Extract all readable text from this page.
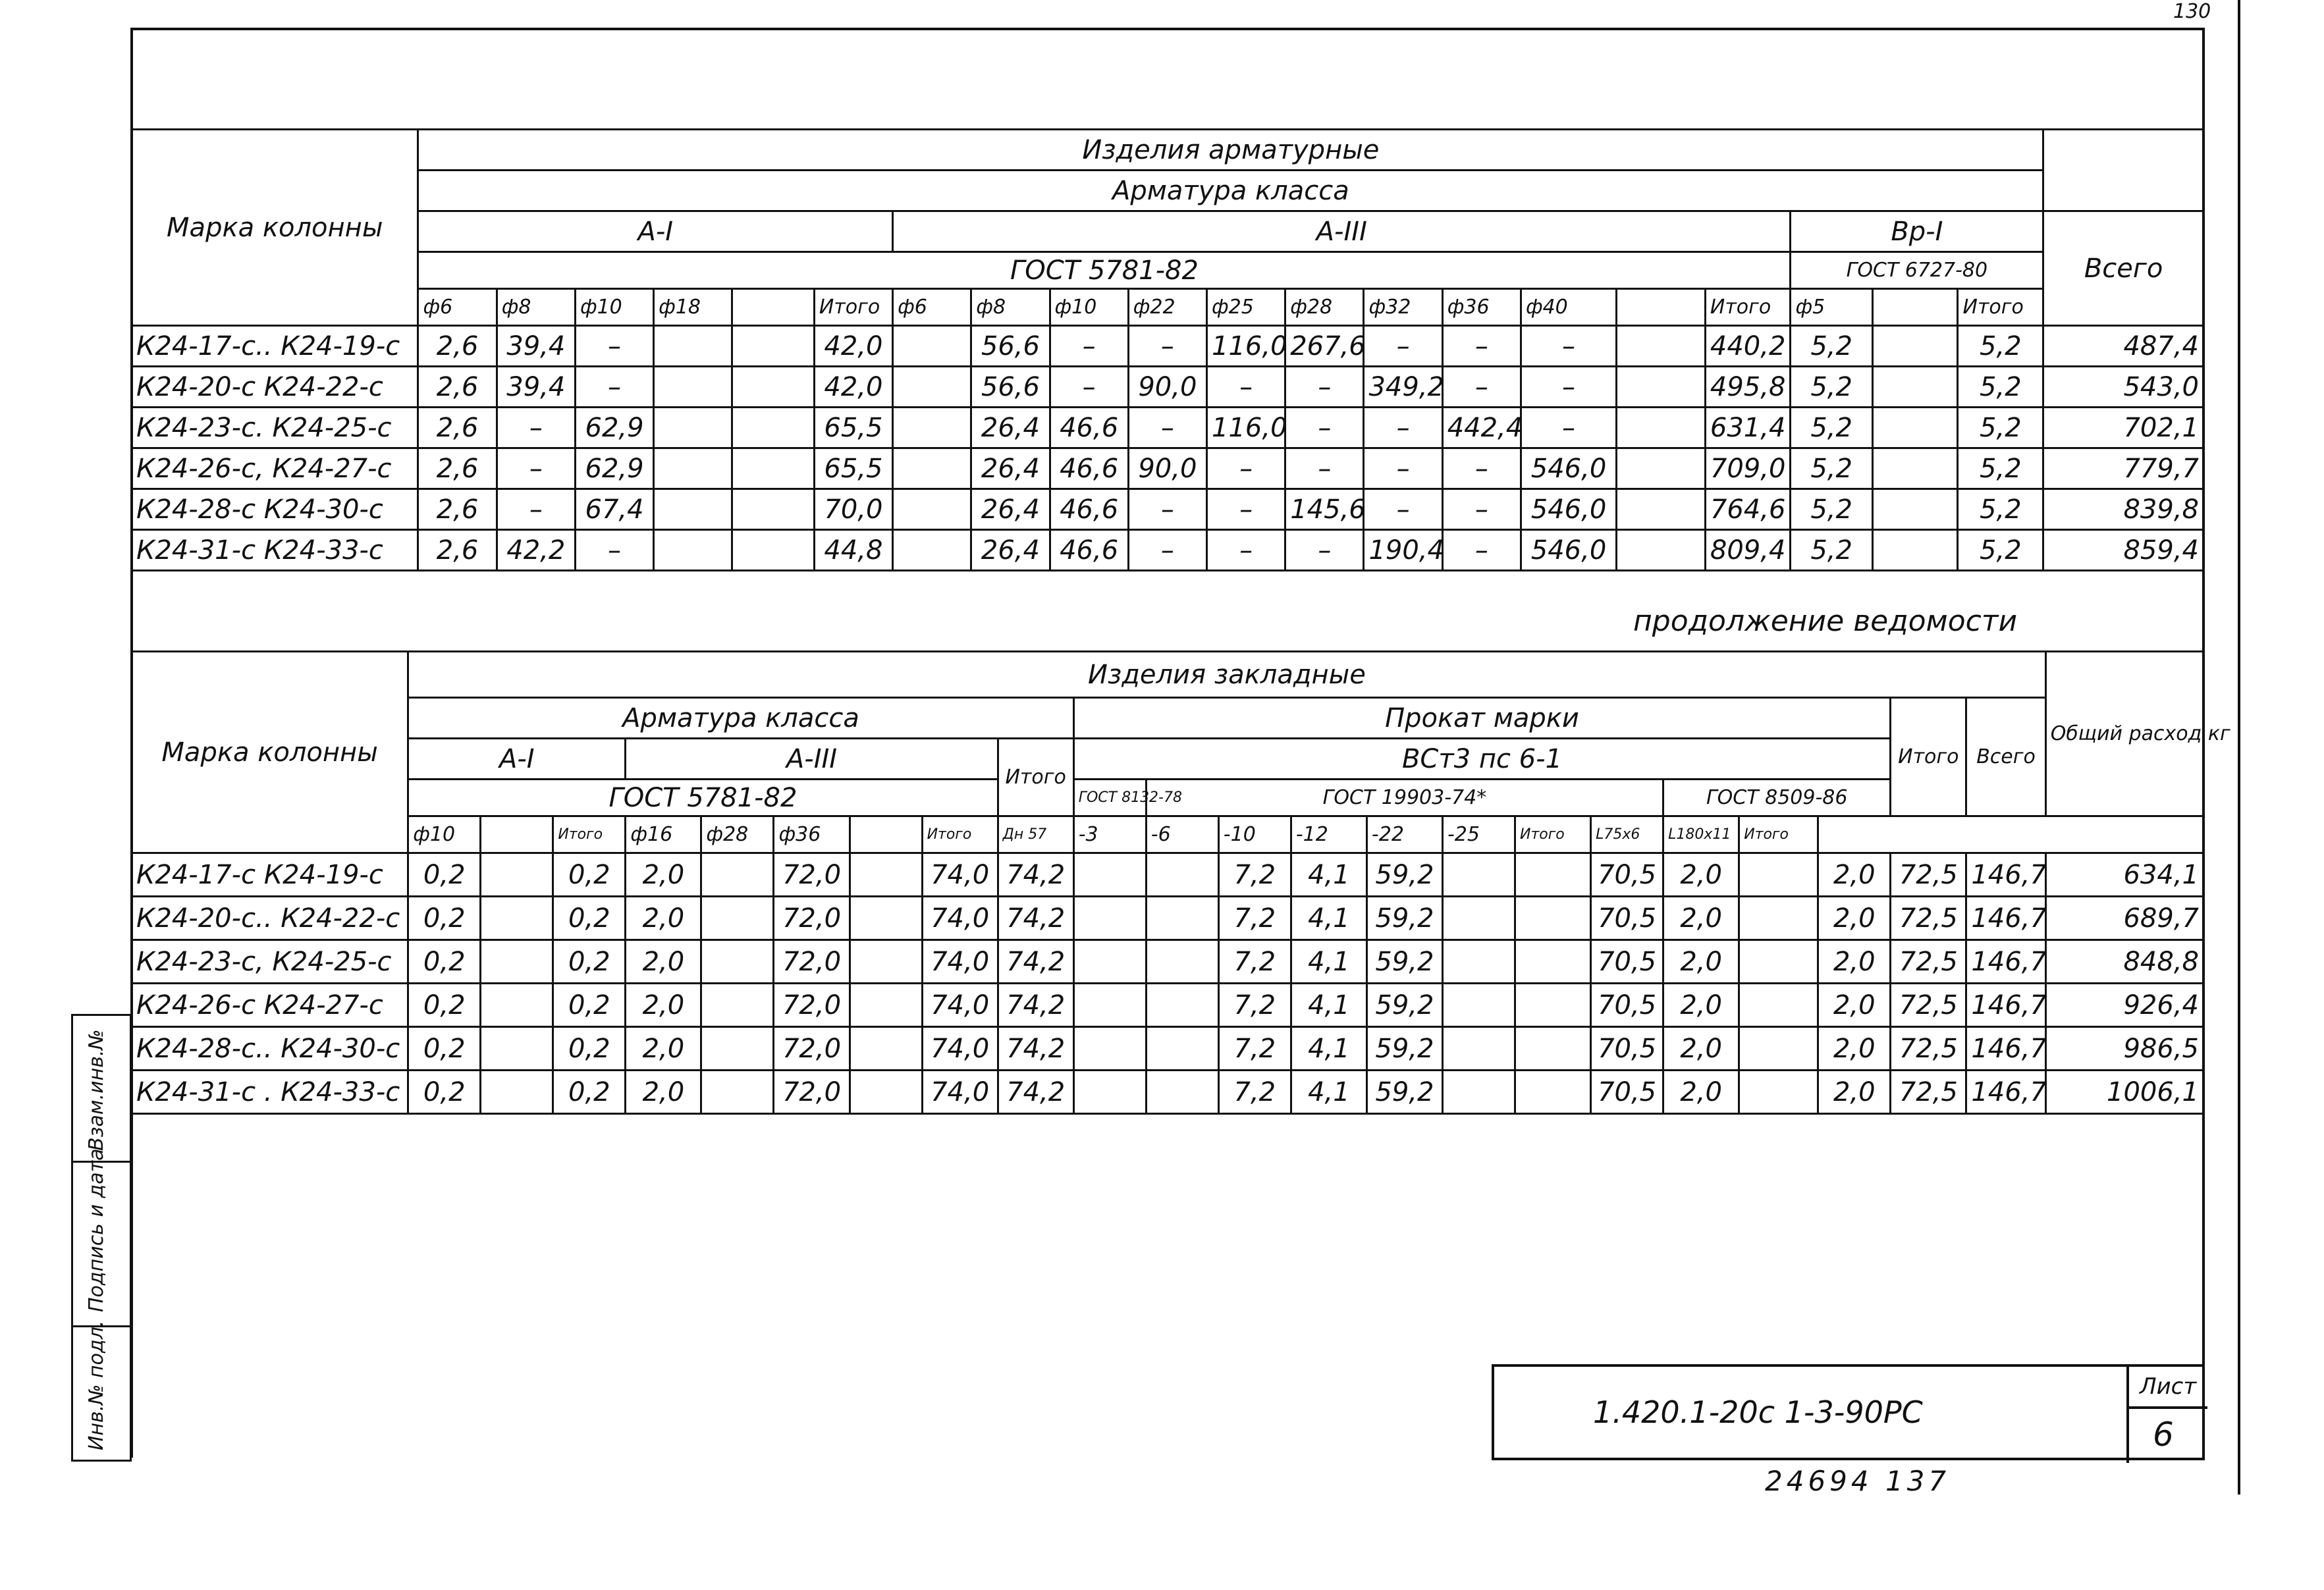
130
Марка колонны	Изделия арматурные																				
	Арматура класса																				
	А-I						А-III											Вр-I			Всего
	ГОСТ 5781-82																	ГОСТ 6727-80			
	ф6	ф8	ф10	ф18		Итого	ф6	ф8	ф10	ф22	ф25	ф28	ф32	ф36	ф40		Итого	ф5		Итого	
К24-17-с.. К24-19-с	2,6	39,4	–			42,0		56,6	–	–	116,0	267,6	–	–	–		440,2	5,2		5,2	487,4
К24-20-с К24-22-с	2,6	39,4	–			42,0		56,6	–	90,0	–	–	349,2	–	–		495,8	5,2		5,2	543,0
К24-23-с. К24-25-с	2,6	–	62,9			65,5		26,4	46,6	–	116,0	–	–	442,4	–		631,4	5,2		5,2	702,1
К24-26-с, К24-27-с	2,6	–	62,9			65,5		26,4	46,6	90,0	–	–	–	–	546,0		709,0	5,2		5,2	779,7
К24-28-с К24-30-с	2,6	–	67,4			70,0		26,4	46,6	–	–	145,6	–	–	546,0		764,6	5,2		5,2	839,8
К24-31-с К24-33-с	2,6	42,2	–			44,8		26,4	46,6	–	–	–	190,4	–	546,0		809,4	5,2		5,2	859,4
продолжение ведомости
Марка колонны	Изделия закладные																						Общий расход кг
	Арматура класса									Прокат марки											Итого	Всего	
	А-I			А-III					Итого	ВСт3 пс 6-1													
	ГОСТ 5781-82									ГОСТ 8132-78	ГОСТ 19903-74*							ГОСТ 8509-86					
	ф10		Итого	ф16	ф28	ф36		Итого	Дн 57	-3	-6	-10	-12	-22	-25	Итого	L75x6	L180x11	Итого				
К24-17-с К24-19-с	0,2		0,2	2,0		72,0		74,0	74,2			7,2	4,1	59,2			70,5	2,0		2,0	72,5	146,7	634,1
К24-20-с.. К24-22-с	0,2		0,2	2,0		72,0		74,0	74,2			7,2	4,1	59,2			70,5	2,0		2,0	72,5	146,7	689,7
К24-23-с, К24-25-с	0,2		0,2	2,0		72,0		74,0	74,2			7,2	4,1	59,2			70,5	2,0		2,0	72,5	146,7	848,8
К24-26-с К24-27-с	0,2		0,2	2,0		72,0		74,0	74,2			7,2	4,1	59,2			70,5	2,0		2,0	72,5	146,7	926,4
К24-28-с.. К24-30-с	0,2		0,2	2,0		72,0		74,0	74,2			7,2	4,1	59,2			70,5	2,0		2,0	72,5	146,7	986,5
К24-31-с . К24-33-с	0,2		0,2	2,0		72,0		74,0	74,2			7,2	4,1	59,2			70,5	2,0		2,0	72,5	146,7	1006,1
Инв.№ подл.
Подпись и дата
Взам.инв.№
1.420.1-20с 1-3-90РС
Лист
6
24694 137
